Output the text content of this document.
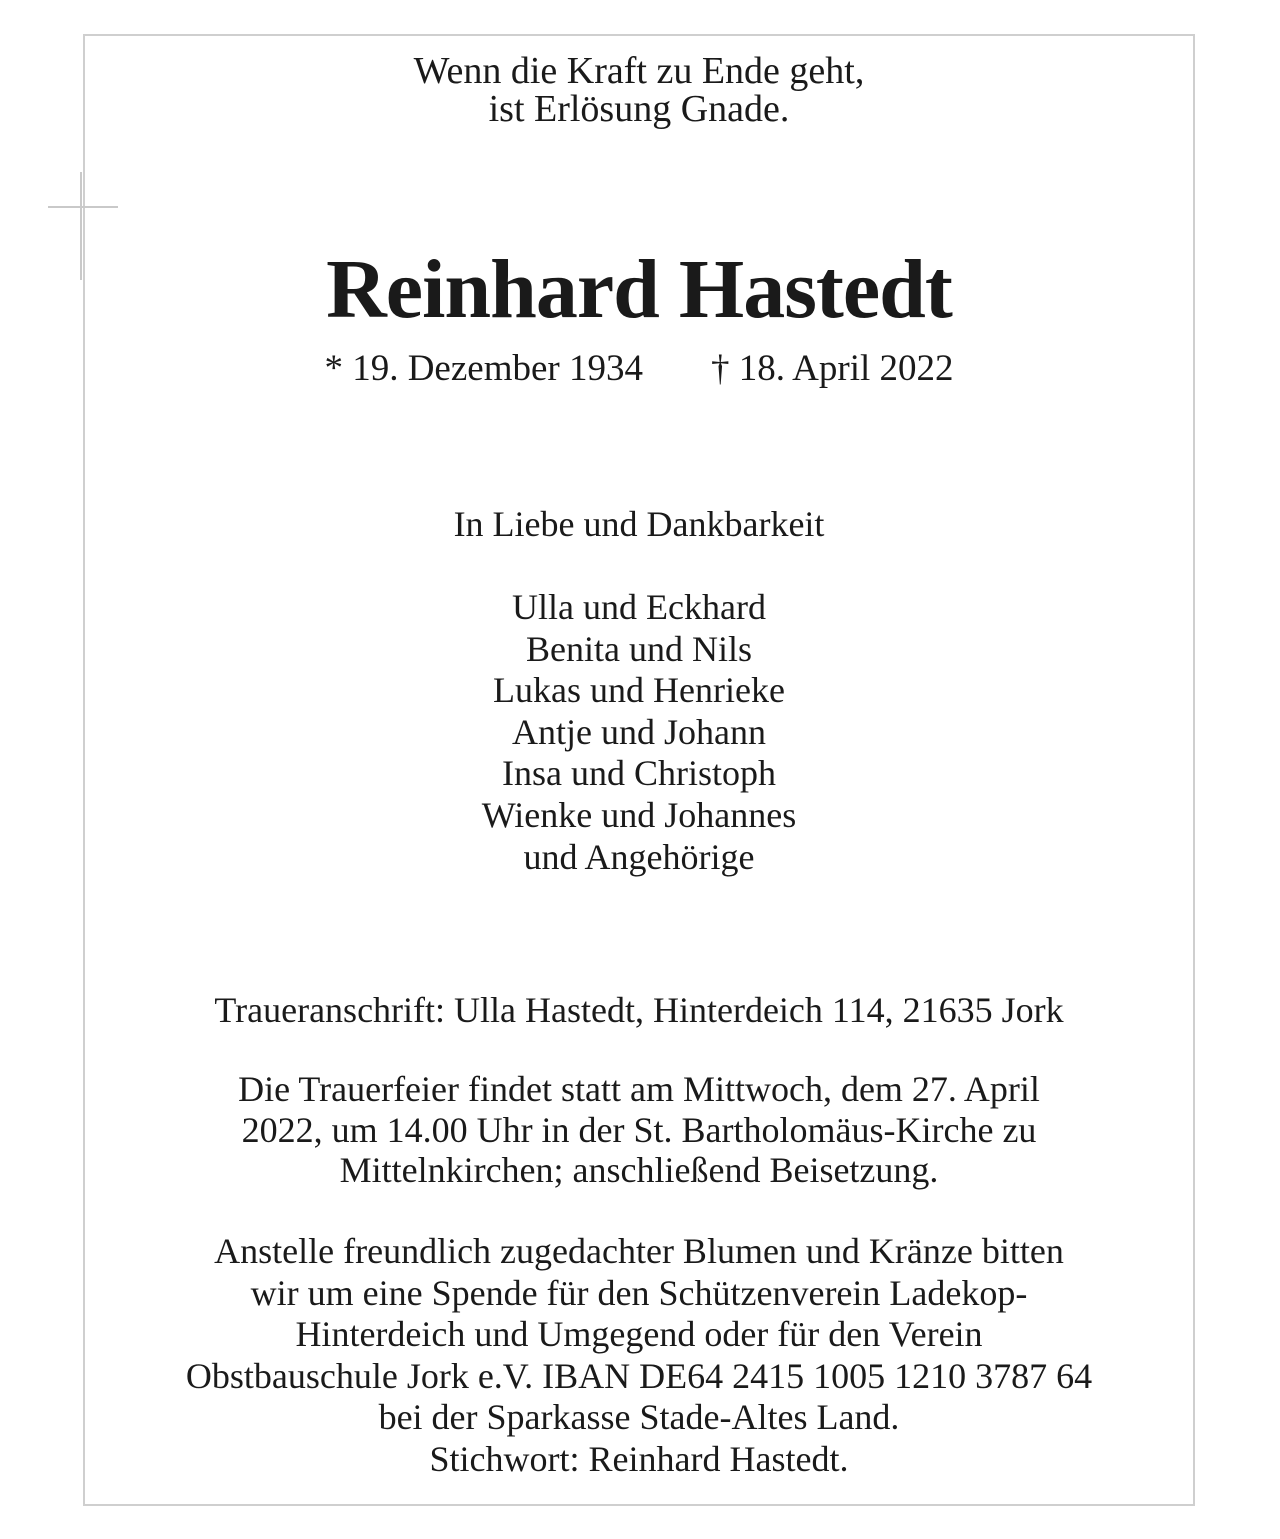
Wenn die Kraft zu Ende geht,
ist Erlösung Gnade.

Reinhard Hastedt

* 19. Dezember 1934 † 18. April 2022

In Liebe und Dankbarkeit

Ulla und Eckhard
Benita und Nils
Lukas und Henrieke
Antje und Johann
Insa und Christoph
Wienke und Johannes
und Angehörige

Traueranschrift: Ulla Hastedt, Hinterdeich 114, 21635 Jork

Die Trauerfeier findet statt am Mittwoch, dem 27. April
2022, um 14.00 Uhr in der St. Bartholomäus-Kirche zu
Mittelnkirchen; anschließend Beisetzung.

Anstelle freundlich zugedachter Blumen und Kränze bitten
wir um eine Spende für den Schützenverein Ladekop-
Hinterdeich und Umgegend oder für den Verein
Obstbauschule Jork e.V. IBAN DE64 2415 1005 1210 3787 64
bei der Sparkasse Stade-Altes Land.
Stichwort: Reinhard Hastedt.
